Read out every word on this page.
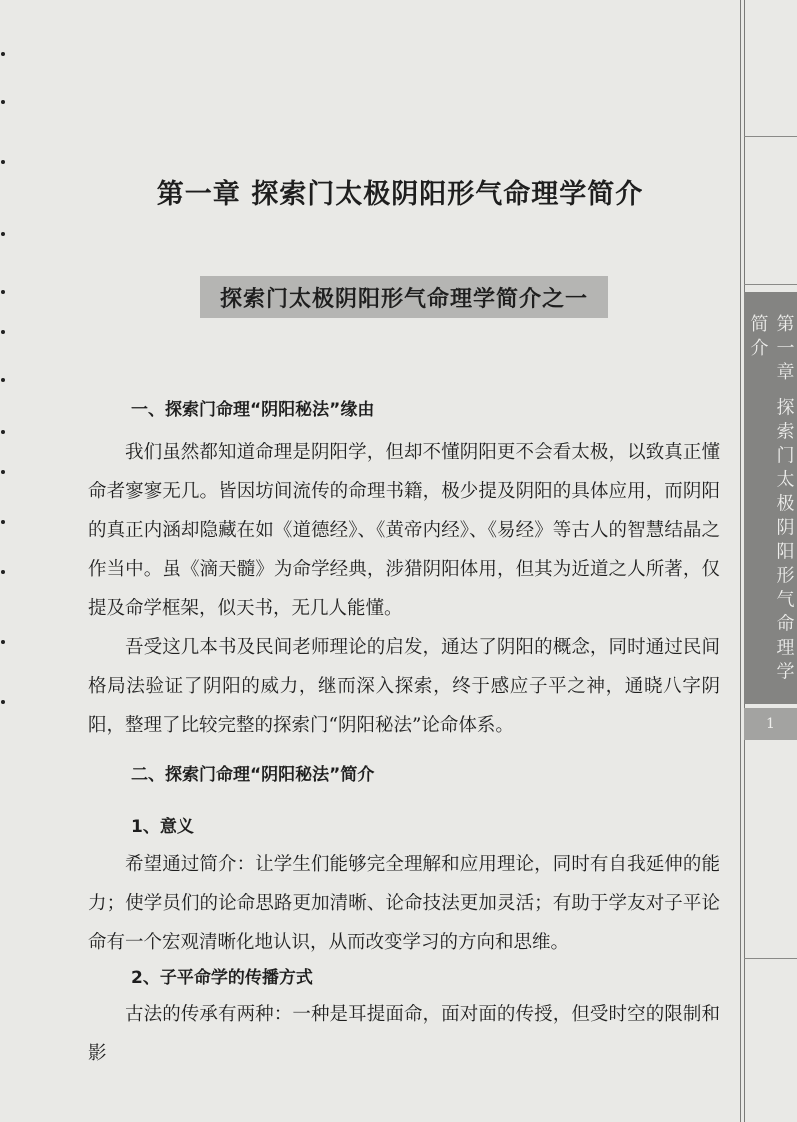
第一章 探索门太极阴阳形气命理学简介
探索门太极阴阳形气命理学简介之一
一、探索门命理“阴阳秘法”缘由

我们虽然都知道命理是阴阳学，但却不懂阴阳更不会看太极，以致真正懂命者寥寥无几。皆因坊间流传的命理书籍，极少提及阴阳的具体应用，而阴阳的真正内涵却隐藏在如《道德经》、《黄帝内经》、《易经》等古人的智慧结晶之作当中。虽《滴天髓》为命学经典，涉猎阴阳体用，但其为近道之人所著，仅提及命学框架，似天书，无几人能懂。

吾受这几本书及民间老师理论的启发，通达了阴阳的概念，同时通过民间格局法验证了阴阳的威力，继而深入探索，终于感应子平之神，通晓八字阴阳，整理了比较完整的探索门“阴阳秘法”论命体系。

二、探索门命理“阴阳秘法”简介
1、意义

希望通过简介：让学生们能够完全理解和应用理论，同时有自我延伸的能力；使学员们的论命思路更加清晰、论命技法更加灵活；有助于学友对子平论命有一个宏观清晰化地认识，从而改变学习的方向和思维。

2、子平命学的传播方式

古法的传承有两种：一种是耳提面命，面对面的传授，但受时空的限制和影

第一章 探索门太极阴阳形气命理学简介
1
